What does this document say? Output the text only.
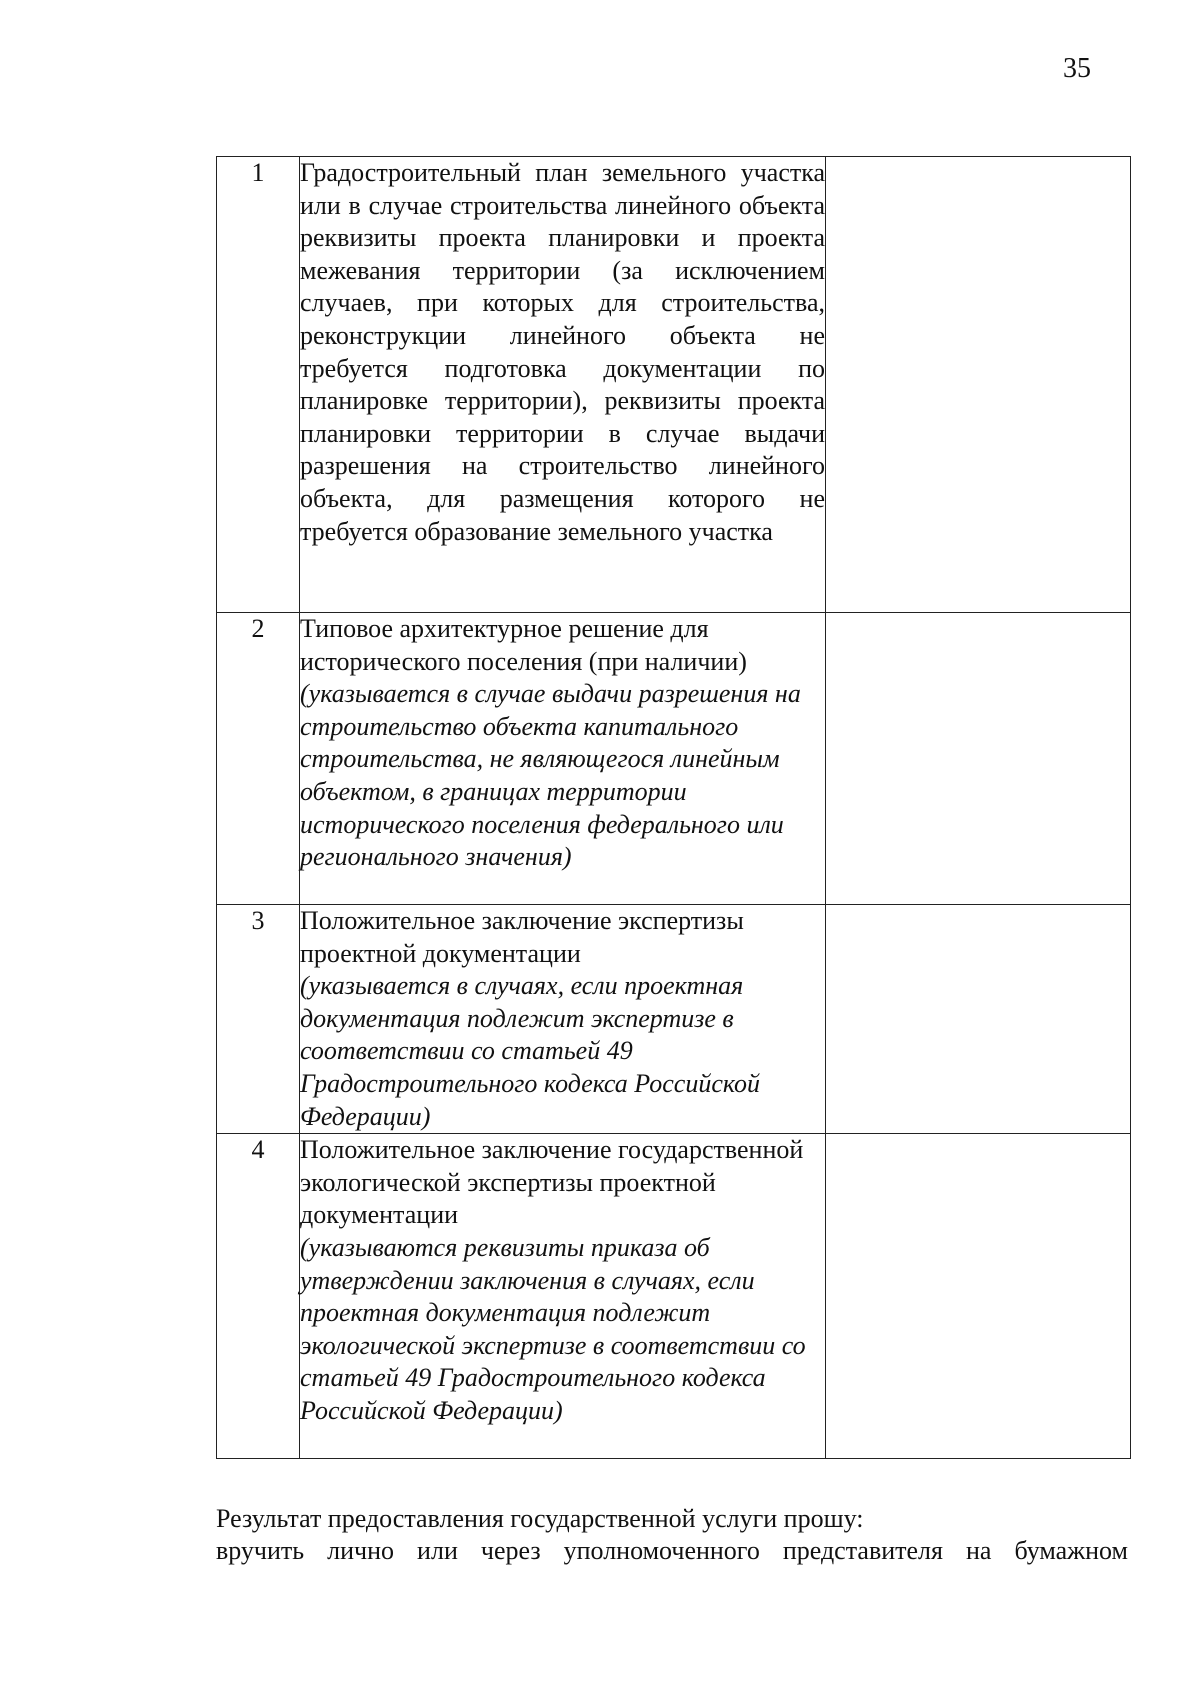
35
1	Градостроительный план земельного участка или в случае строительства линейного объекта реквизиты проекта планировки и проекта межевания территории (за исключением случаев, при которых для строительства, реконструкции линейного объекта не требуется подготовка документации по планировке территории), реквизиты проекта планировки территории в случае выдачи разрешения на строительство линейного объекта, для размещения которого не требуется образование земельного участка	

2	Типовое архитектурное решение для исторического поселения (при наличии)
(указывается в случае выдачи разрешения на строительство объекта капитального строительства, не являющегося линейным объектом, в границах территории исторического поселения федерального или регионального значения)	

3	Положительное заключение экспертизы проектной документации
(указывается в случаях, если проектная документация подлежит экспертизе в соответствии со статьей 49 Градостроительного кодекса Российской Федерации)	

4	Положительное заключение государственной экологической экспертизы проектной документации
(указываются реквизиты приказа об утверждении заключения в случаях, если проектная документация подлежит экологической экспертизе в соответствии со статьей 49 Градостроительного кодекса Российской Федерации)	

Результат предоставления государственной услуги прошу:
вручить лично или через уполномоченного представителя на бумажном
